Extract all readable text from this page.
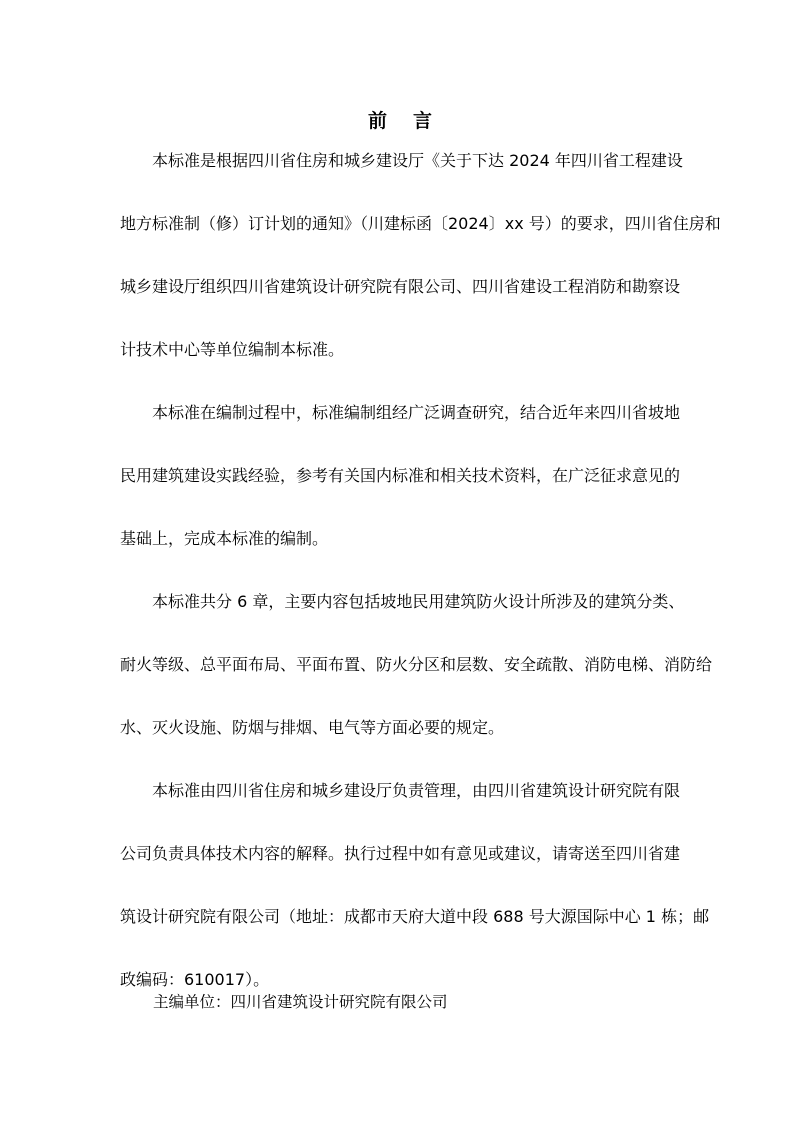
前 言
本标准是根据四川省住房和城乡建设厅《关于下达 2024 年四川省工程建设
地方标准制（修）订计划的通知》（川建标函〔2024〕xx 号）的要求，四川省住房和
城乡建设厅组织四川省建筑设计研究院有限公司、四川省建设工程消防和勘察设
计技术中心等单位编制本标准。
本标准在编制过程中，标准编制组经广泛调查研究，结合近年来四川省坡地
民用建筑建设实践经验，参考有关国内标准和相关技术资料，在广泛征求意见的
基础上，完成本标准的编制。
本标准共分 6 章，主要内容包括坡地民用建筑防火设计所涉及的建筑分类、
耐火等级、总平面布局、平面布置、防火分区和层数、安全疏散、消防电梯、消防给
水、灭火设施、防烟与排烟、电气等方面必要的规定。
本标准由四川省住房和城乡建设厅负责管理，由四川省建筑设计研究院有限
公司负责具体技术内容的解释。执行过程中如有意见或建议，请寄送至四川省建
筑设计研究院有限公司（地址：成都市天府大道中段 688 号大源国际中心 1 栋；邮
政编码：610017）。
主编单位：四川省建筑设计研究院有限公司
